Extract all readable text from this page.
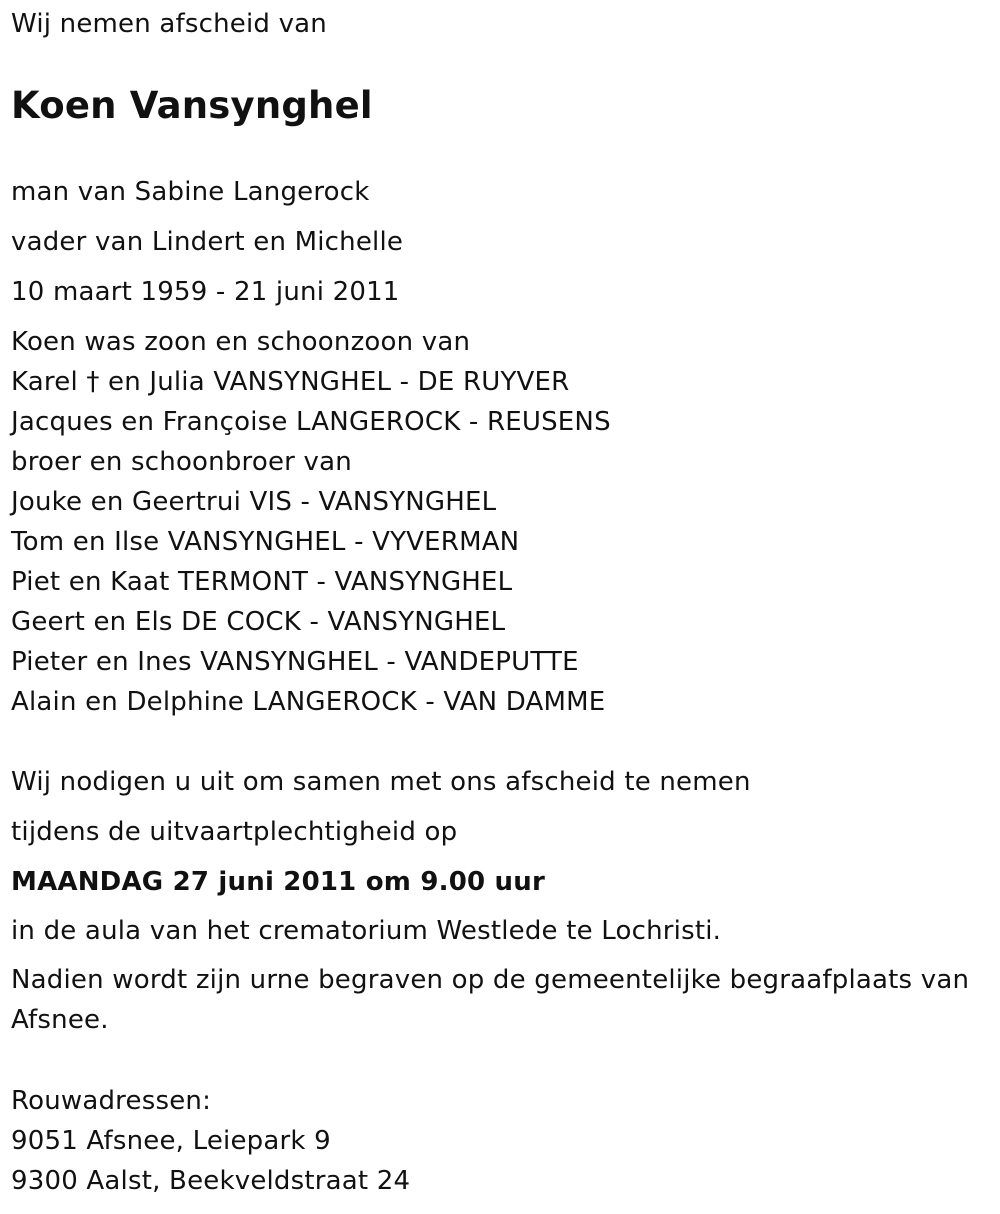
Wij nemen afscheid van
Koen Vansynghel
man van Sabine Langerock
vader van Lindert en Michelle
10 maart 1959 - 21 juni 2011
Koen was zoon en schoonzoon van
Karel † en Julia VANSYNGHEL - DE RUYVER
Jacques en Françoise LANGEROCK - REUSENS
broer en schoonbroer van
Jouke en Geertrui VIS - VANSYNGHEL
Tom en Ilse VANSYNGHEL - VYVERMAN
Piet en Kaat TERMONT - VANSYNGHEL
Geert en Els DE COCK - VANSYNGHEL
Pieter en Ines VANSYNGHEL - VANDEPUTTE
Alain en Delphine LANGEROCK - VAN DAMME
Wij nodigen u uit om samen met ons afscheid te nemen
tijdens de uitvaartplechtigheid op
MAANDAG 27 juni 2011 om 9.00 uur
in de aula van het crematorium Westlede te Lochristi.
Nadien wordt zijn urne begraven op de gemeentelijke begraafplaats van Afsnee.
Rouwadressen:
9051 Afsnee, Leiepark 9
9300 Aalst, Beekveldstraat 24
